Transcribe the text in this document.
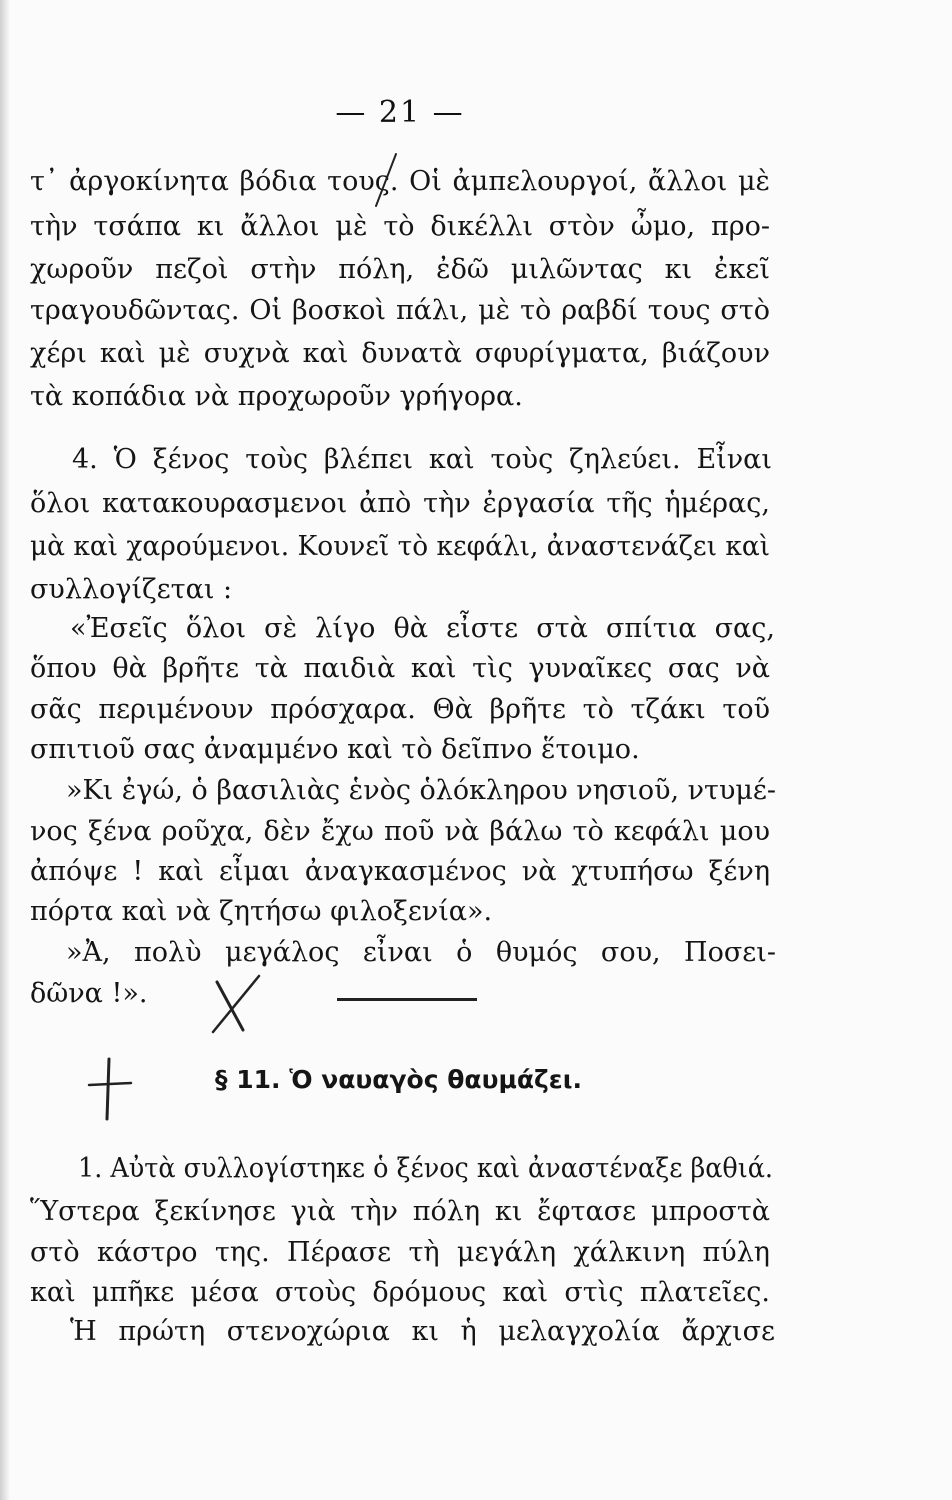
— 21 —
τ᾽ ἀργοκίνητα βόδια τους. Οἱ ἀμπελουργοί, ἄλλοι μὲ
τὴν τσάπα κι ἄλλοι μὲ τὸ δικέλλι στὸν ὦμο, προ-
χωροῦν πεζοὶ στὴν πόλη, ἐδῶ μιλῶντας κι ἐκεῖ
τραγουδῶντας. Οἱ βοσκοὶ πάλι, μὲ τὸ ραβδί τους στὸ
χέρι καὶ μὲ συχνὰ καὶ δυνατὰ σφυρίγματα, βιάζουν
τὰ κοπάδια νὰ προχωροῦν γρήγορα.
4. Ὁ ξένος τοὺς βλέπει καὶ τοὺς ζηλεύει. Εἶναι
ὅλοι κατακουρασμενοι ἀπὸ τὴν ἐργασία τῆς ἡμέρας,
μὰ καὶ χαρούμενοι. Κουνεῖ τὸ κεφάλι, ἀναστενάζει καὶ
συλλογίζεται :
«Ἐσεῖς ὅλοι σὲ λίγο θὰ εἶστε στὰ σπίτια σας,
ὅπου θὰ βρῆτε τὰ παιδιὰ καὶ τὶς γυναῖκες σας νὰ
σᾶς περιμένουν πρόσχαρα. Θὰ βρῆτε τὸ τζάκι τοῦ
σπιτιοῦ σας ἀναμμένο καὶ τὸ δεῖπνο ἕτοιμο.
»Κι ἐγώ, ὁ βασιλιὰς ἑνὸς ὁλόκληρου νησιοῦ, ντυμέ-
νος ξένα ροῦχα, δὲν ἔχω ποῦ νὰ βάλω τὸ κεφάλι μου
ἀπόψε ! καὶ εἶμαι ἀναγκασμένος νὰ χτυπήσω ξένη
πόρτα καὶ νὰ ζητήσω φιλοξενία».
»Ἀ, πολὺ μεγάλος εἶναι ὁ θυμός σου, Ποσει-
δῶνα !».
§ 11. Ὁ ναυαγὸς θαυμάζει.
1. Αὐτὰ συλλογίστηκε ὁ ξένος καὶ ἀναστέναξε βαθιά.
Ὕστερα ξεκίνησε γιὰ τὴν πόλη κι ἔφτασε μπροστὰ
στὸ κάστρο της. Πέρασε τὴ μεγάλη χάλκινη πύλη
καὶ μπῆκε μέσα στοὺς δρόμους καὶ στὶς πλατεῖες.
Ἡ πρώτη στενοχώρια κι ἡ μελαγχολία ἄρχισε
